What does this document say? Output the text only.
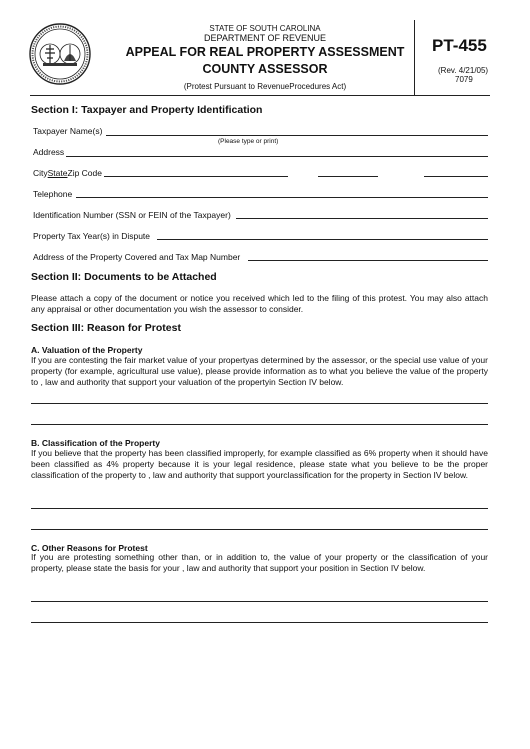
STATE OF SOUTH CAROLINA
DEPARTMENT OF REVENUE
APPEAL FOR REAL PROPERTY ASSESSMENT
COUNTY ASSESSOR
(Protest Pursuant to RevenueProcedures Act)
PT-455
(Rev. 4/21/05)
7079
Section I: Taxpayer and Property Identification
Taxpayer Name(s)
(Please type or print)
Address
CityStateZip Code
Telephone
Identification Number (SSN or FEIN of the Taxpayer)
Property Tax Year(s) in Dispute
Address of the Property Covered and Tax Map Number
Section II: Documents to be Attached
Please attach a copy of the document or notice you received which led to the filing of this protest. You may also attach any appraisal or other documentation you wish the assessor to consider.
Section III: Reason for Protest
A. Valuation of the Property
If you are contesting the fair market value of your propertyas determined by the assessor, or the special use value of your property (for example, agricultural use value), please provide information as to what you believe the value of the property to , law and authority that support your valuation of the propertyin Section IV below.
B. Classification of the Property
If you believe that the property has been classified improperly, for example classified as 6% property when it should have been classified as 4% property because it is your legal residence, please state what you believe to be the proper classification of the property to , law and authority that support yourclassification for the property in Section IV below.
C. Other Reasons for Protest
If you are protesting something other than, or in addition to, the value of your property or the classification of your property, please state the basis for your , law and authority that support your position in Section IV below.
